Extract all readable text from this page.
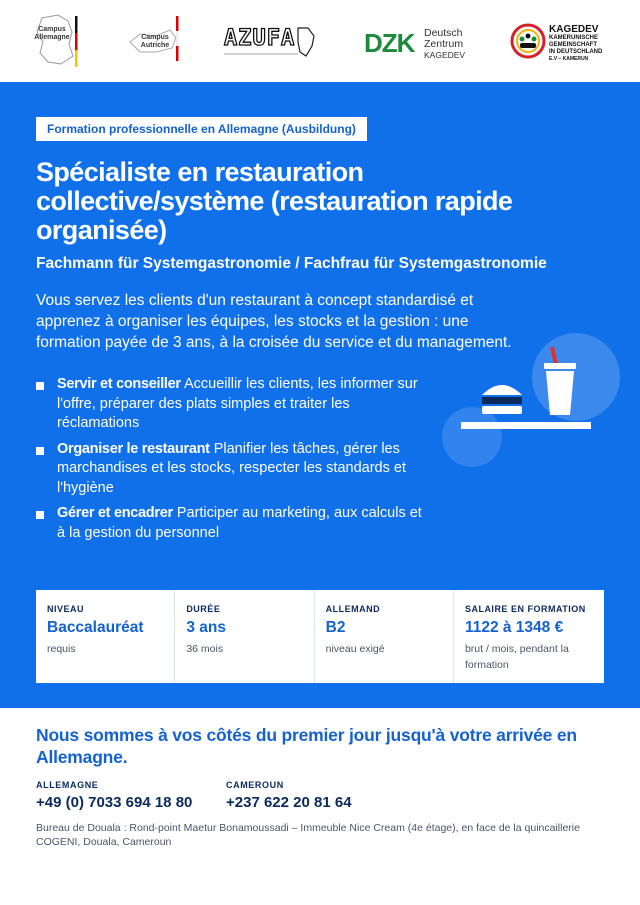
Campus
Allemagne	Campus
Autriche	AZUFA	DZK Deutsch
Zentrum
KAGEDEV
KAGEDEV
KAMERUNISCHE
GEMEINSCHAFT
IN DEUTSCHLAND
E.V – KAMERUN
Formation professionnelle en Allemagne (Ausbildung)
Spécialiste en restauration collective/système (restauration rapide organisée)
Fachmann für Systemgastronomie / Fachfrau für Systemgastronomie

Vous servez les clients d'un restaurant à concept standardisé et apprenez à organiser les équipes, les stocks et la gestion : une formation payée de 3 ans, à la croisée du service et du management.

Servir et conseiller Accueillir les clients, les informer sur l'offre, préparer des plats simples et traiter les réclamations
Organiser le restaurant Planifier les tâches, gérer les marchandises et les stocks, respecter les standards et l'hygiène
Gérer et encadrer Participer au marketing, aux calculs et à la gestion du personnel
NIVEAU
Baccalauréat
requis
DURÉE
3 ans
36 mois
ALLEMAND
B2
niveau exigé
SALAIRE EN FORMATION
1122 à 1348 €
brut / mois, pendant la formation
Nous sommes à vos côtés du premier jour jusqu'à votre arrivée en Allemagne.
ALLEMAGNE
+49 (0) 7033 694 18 80
CAMEROUN
+237 622 20 81 64

Bureau de Douala : Rond-point Maetur Bonamoussadi – Immeuble Nice Cream (4e étage), en face de la quincaillerie COGENI, Douala, Cameroun
